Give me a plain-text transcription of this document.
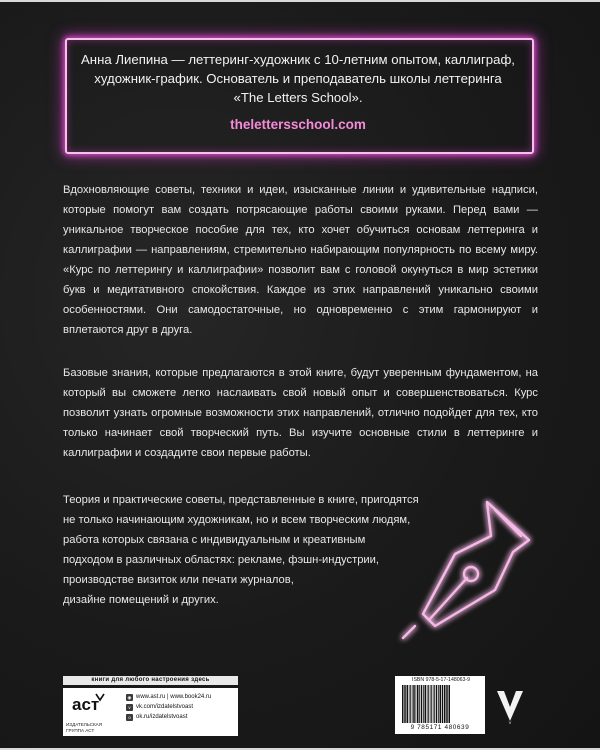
Анна Лиепина — леттеринг-художник с 10-летним опытом, каллиграф, художник-график. Основатель и преподаватель школы леттеринга «The Letters School».
thelettersschool.com
Вдохновляющие советы, техники и идеи, изысканные линии и удивительные надписи, которые помогут вам создать потрясающие работы своими руками. Перед вами — уникальное творческое пособие для тех, кто хочет обучиться основам леттеринга и каллиграфии — направлениям, стремительно набирающим популярность по всему миру. «Курс по леттерингу и каллиграфии» позволит вам с головой окунуться в мир эстетики букв и медитативного спокойствия. Каждое из этих направлений уникально своими особенностями. Они самодостаточные, но одновременно с этим гармонируют и вплетаются друг в друга.
Базовые знания, которые предлагаются в этой книге, будут уверенным фундаментом, на который вы сможете легко наслаивать свой новый опыт и совершенствоваться. Курс позволит узнать огромные возможности этих направлений, отлично подойдет для тех, кто только начинает свой творческий путь. Вы изучите основные стили в леттеринге и каллиграфии и создадите свои первые работы.
Теория и практические советы, представленные в книге, пригодятся
не только начинающим художникам, но и всем творческим людям,
работа которых связана с индивидуальным и креативным
подходом в различных областях: рекламе, фэшн-индустрии,
производстве визиток или печати журналов,
дизайне помещений и других.
книги для любого настроения здесь
аст
ИЗДАТЕЛЬСКАЯ ГРУППА АСТ
◉ www.ast.ru | www.book24.ru
v vk.com/izdatelstvoast
o ok.ru/izdatelstvoast
ISBN 978-5-17-148063-9
9 785171 480639
V
